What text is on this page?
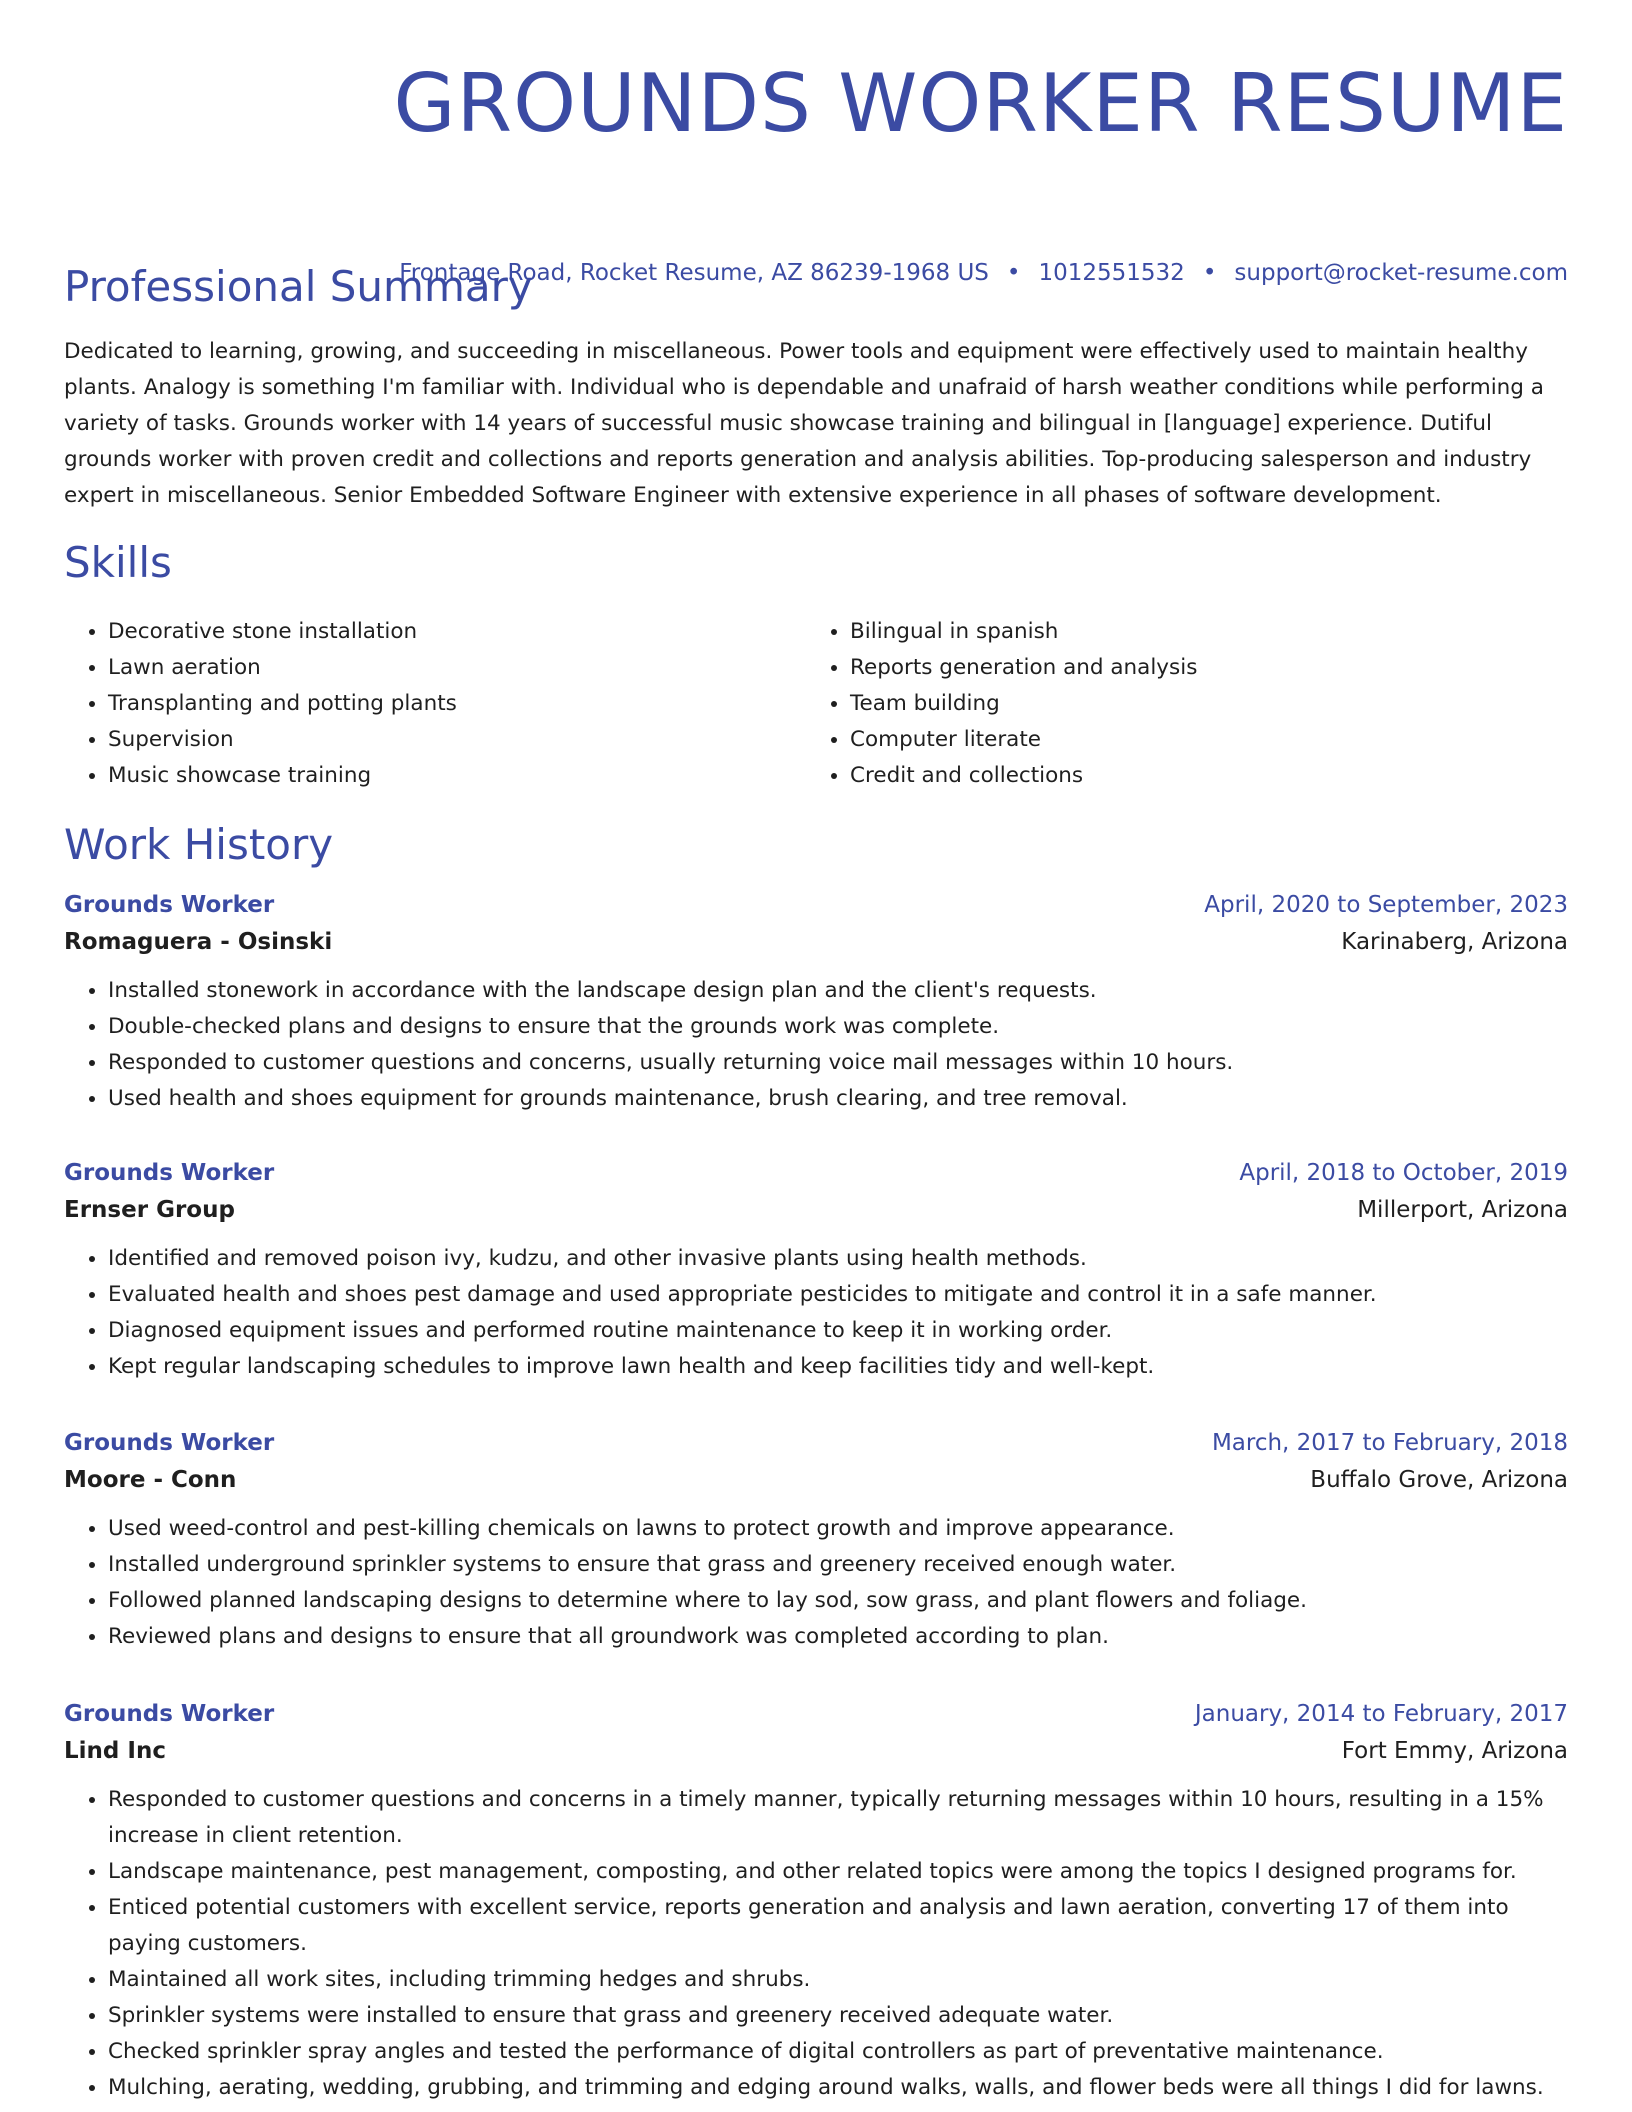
GROUNDS WORKER RESUME
Frontage Road, Rocket Resume, AZ 86239-1968 US • 1012551532 • support@rocket-resume.com
Professional Summary

Dedicated to learning, growing, and succeeding in miscellaneous. Power tools and equipment were effectively used to maintain healthy plants. Analogy is something I'm familiar with. Individual who is dependable and unafraid of harsh weather conditions while performing a variety of tasks. Grounds worker with 14 years of successful music showcase training and bilingual in [language] experience. Dutiful grounds worker with proven credit and collections and reports generation and analysis abilities. Top-producing salesperson and industry expert in miscellaneous. Senior Embedded Software Engineer with extensive experience in all phases of software development.

Skills
• Decorative stone installation
• Lawn aeration
• Transplanting and potting plants
• Supervision
• Music showcase training
• Bilingual in spanish
• Reports generation and analysis
• Team building
• Computer literate
• Credit and collections
Work History
Grounds Worker	April, 2020 to September, 2023
Romaguera - Osinski	Karinaberg, Arizona
• Installed stonework in accordance with the landscape design plan and the client's requests.
• Double-checked plans and designs to ensure that the grounds work was complete.
• Responded to customer questions and concerns, usually returning voice mail messages within 10 hours.
• Used health and shoes equipment for grounds maintenance, brush clearing, and tree removal.
Grounds Worker	April, 2018 to October, 2019
Ernser Group	Millerport, Arizona
• Identified and removed poison ivy, kudzu, and other invasive plants using health methods.
• Evaluated health and shoes pest damage and used appropriate pesticides to mitigate and control it in a safe manner.
• Diagnosed equipment issues and performed routine maintenance to keep it in working order.
• Kept regular landscaping schedules to improve lawn health and keep facilities tidy and well-kept.
Grounds Worker	March, 2017 to February, 2018
Moore - Conn	Buffalo Grove, Arizona
• Used weed-control and pest-killing chemicals on lawns to protect growth and improve appearance.
• Installed underground sprinkler systems to ensure that grass and greenery received enough water.
• Followed planned landscaping designs to determine where to lay sod, sow grass, and plant flowers and foliage.
• Reviewed plans and designs to ensure that all groundwork was completed according to plan.
Grounds Worker	January, 2014 to February, 2017
Lind Inc	Fort Emmy, Arizona
• Responded to customer questions and concerns in a timely manner, typically returning messages within 10 hours, resulting in a 15% increase in client retention.
• Landscape maintenance, pest management, composting, and other related topics were among the topics I designed programs for.
• Enticed potential customers with excellent service, reports generation and analysis and lawn aeration, converting 17 of them into paying customers.
• Maintained all work sites, including trimming hedges and shrubs.
• Sprinkler systems were installed to ensure that grass and greenery received adequate water.
• Checked sprinkler spray angles and tested the performance of digital controllers as part of preventative maintenance.
• Mulching, aerating, wedding, grubbing, and trimming and edging around walks, walls, and flower beds were all things I did for lawns.
